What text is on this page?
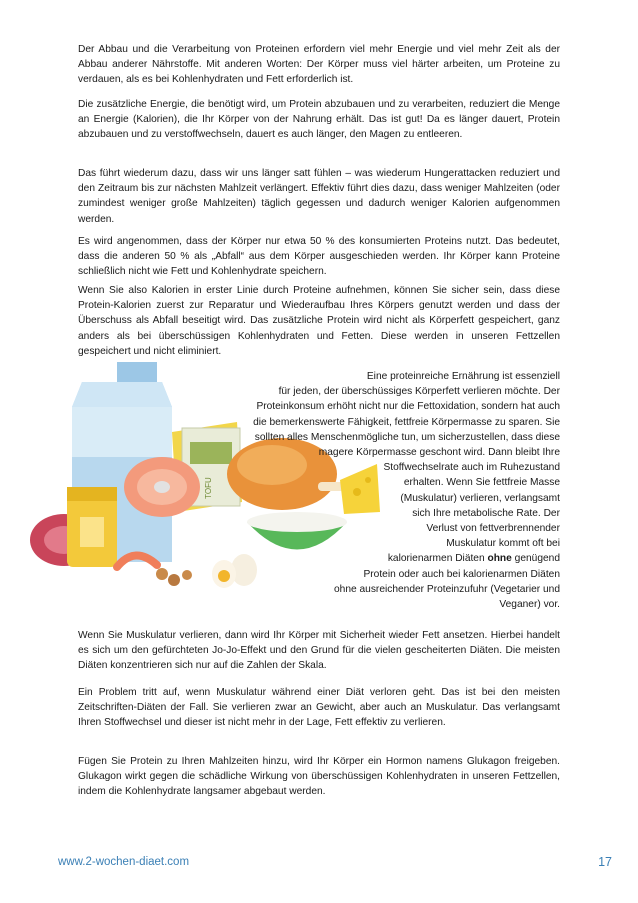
Der Abbau und die Verarbeitung von Proteinen erfordern viel mehr Energie und viel mehr Zeit als der Abbau anderer Nährstoffe. Mit anderen Worten: Der Körper muss viel härter arbeiten, um Proteine zu verdauen, als es bei Kohlenhydraten und Fett erforderlich ist.

Die zusätzliche Energie, die benötigt wird, um Protein abzubauen und zu verarbeiten, reduziert die Menge an Energie (Kalorien), die Ihr Körper von der Nahrung erhält. Das ist gut! Da es länger dauert, Protein abzubauen und zu verstoffwechseln, dauert es auch länger, den Magen zu entleeren.

Das führt wiederum dazu, dass wir uns länger satt fühlen – was wiederum Hungerattacken reduziert und den Zeitraum bis zur nächsten Mahlzeit verlängert. Effektiv führt dies dazu, dass weniger Mahlzeiten (oder zumindest weniger große Mahlzeiten) täglich gegessen und dadurch weniger Kalorien aufgenommen werden.

Es wird angenommen, dass der Körper nur etwa 50 % des konsumierten Proteins nutzt. Das bedeutet, dass die anderen 50 % als „Abfall“ aus dem Körper ausgeschieden werden. Ihr Körper kann Proteine schließlich nicht wie Fett und Kohlenhydrate speichern.

Wenn Sie also Kalorien in erster Linie durch Proteine aufnehmen, können Sie sicher sein, dass diese Protein-Kalorien zuerst zur Reparatur und Wiederaufbau Ihres Körpers genutzt werden und dass der Überschuss als Abfall beseitigt wird. Das zusätzliche Protein wird nicht als Körperfett gespeichert, ganz anders als bei überschüssigen Kohlenhydraten und Fetten. Diese werden in unseren Fettzellen gespeichert und nicht eliminiert.

TOFU
Eine proteinreiche Ernährung ist essenziell
für jeden, der überschüssiges Körperfett verlieren möchte. Der
Proteinkonsum erhöht nicht nur die Fettoxidation, sondern hat auch
die bemerkenswerte Fähigkeit, fettfreie Körpermasse zu sparen. Sie
sollten alles Menschenmögliche tun, um sicherzustellen, dass diese
magere Körpermasse geschont wird. Dann bleibt Ihre
Stoffwechselrate auch im Ruhezustand
erhalten. Wenn Sie fettfreie Masse
(Muskulatur) verlieren, verlangsamt
sich Ihre metabolische Rate. Der
Verlust von fettverbrennender
Muskulatur kommt oft bei
kalorienarmen Diäten ohne genügend
Protein oder auch bei kalorienarmen Diäten
ohne ausreichender Proteinzufuhr (Vegetarier und
Veganer) vor.

Wenn Sie Muskulatur verlieren, dann wird Ihr Körper mit Sicherheit wieder Fett ansetzen. Hierbei handelt es sich um den gefürchteten Jo-Jo-Effekt und den Grund für die vielen gescheiterten Diäten. Die meisten Diäten konzentrieren sich nur auf die Zahlen der Skala.

Ein Problem tritt auf, wenn Muskulatur während einer Diät verloren geht. Das ist bei den meisten Zeitschriften-Diäten der Fall. Sie verlieren zwar an Gewicht, aber auch an Muskulatur. Das verlangsamt Ihren Stoffwechsel und dieser ist nicht mehr in der Lage, Fett effektiv zu verlieren.

Fügen Sie Protein zu Ihren Mahlzeiten hinzu, wird Ihr Körper ein Hormon namens Glukagon freigeben. Glukagon wirkt gegen die schädliche Wirkung von überschüssigen Kohlenhydraten in unseren Fettzellen, indem die Kohlenhydrate langsamer abgebaut werden.

www.2-wochen-diaet.com	17
